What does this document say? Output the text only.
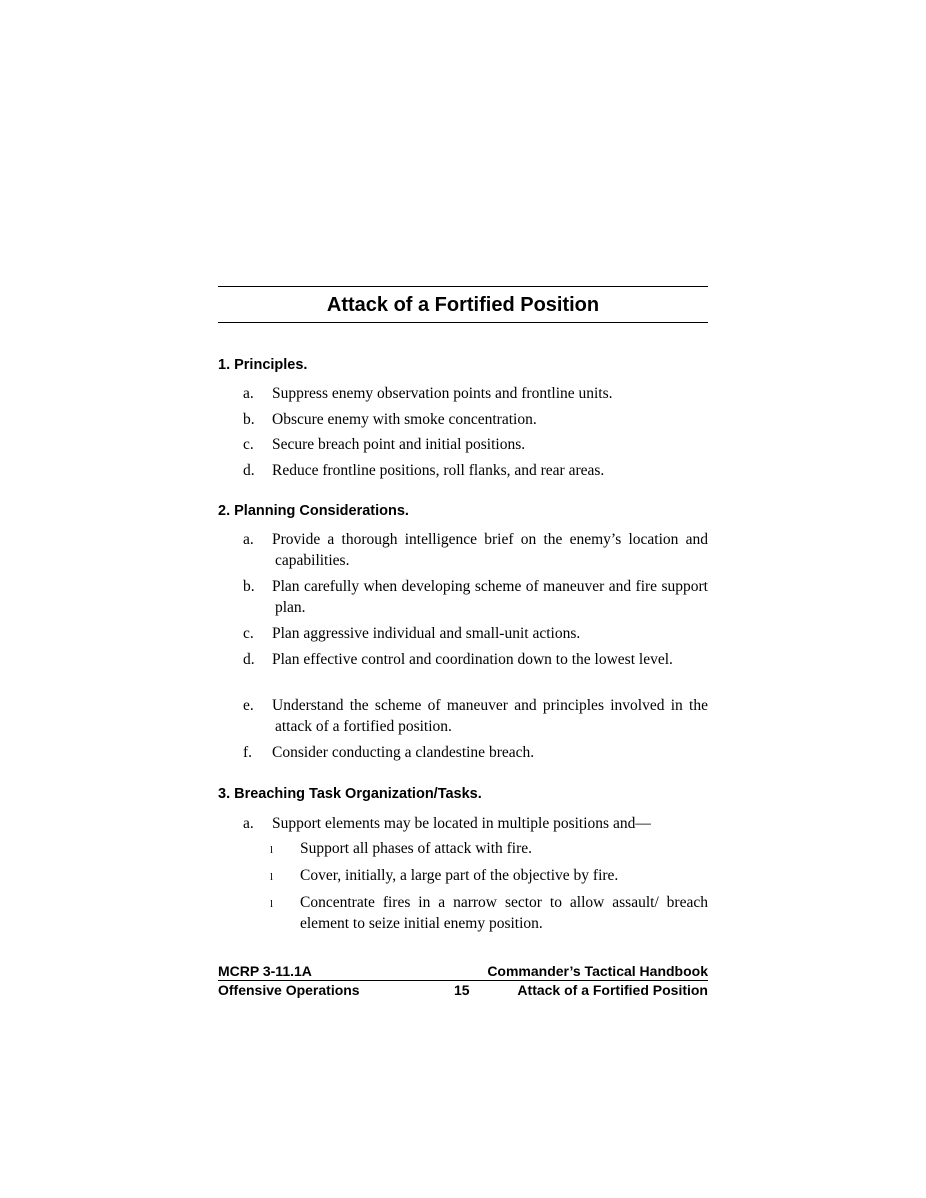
Attack of a Fortified Position
1. Principles.
a. Suppress enemy observation points and frontline units.
b. Obscure enemy with smoke concentration.
c. Secure breach point and initial positions.
d. Reduce frontline positions, roll flanks, and rear areas.
2. Planning Considerations.
a. Provide a thorough intelligence brief on the enemy’s location and capabilities.
b. Plan carefully when developing scheme of maneuver and fire support plan.
c. Plan aggressive individual and small-unit actions.
d. Plan effective control and coordination down to the lowest level.
e. Understand the scheme of maneuver and principles involved in the attack of a fortified position.
f. Consider conducting a clandestine breach.
3. Breaching Task Organization/Tasks.
a. Support elements may be located in multiple positions and—
l Support all phases of attack with fire.
l Cover, initially, a large part of the objective by fire.
l Concentrate fires in a narrow sector to allow assault/ breach element to seize initial enemy position.
MCRP 3-11.1A	Commander’s Tactical Handbook
Offensive Operations	15	Attack of a Fortified Position
